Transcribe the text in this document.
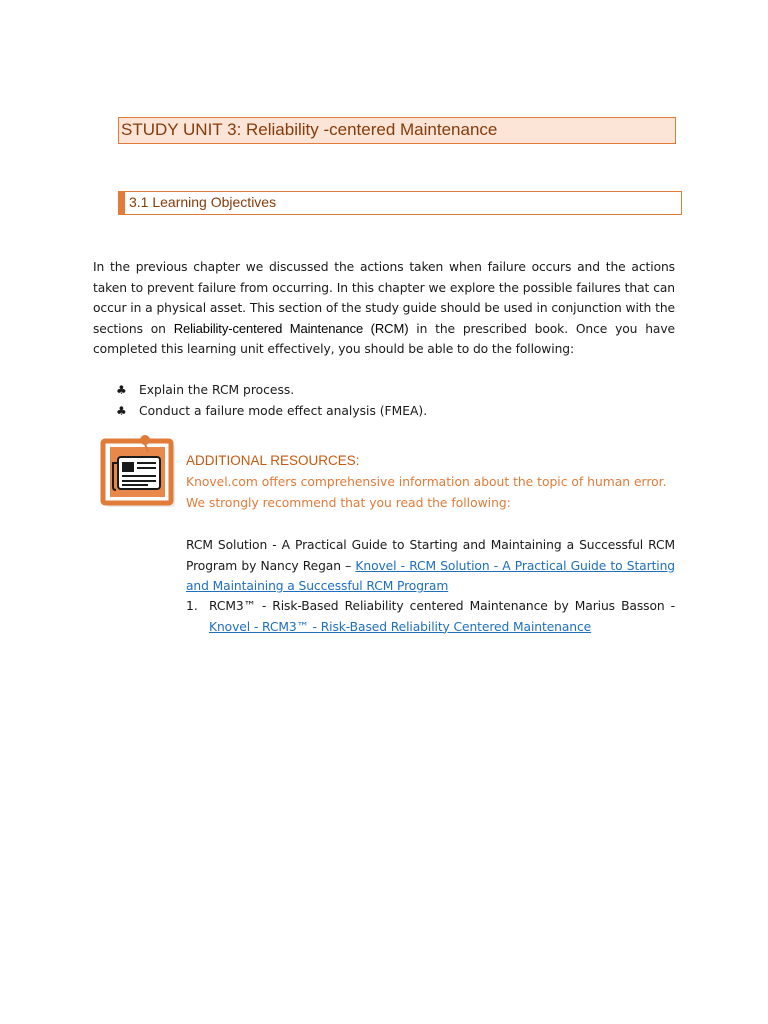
STUDY UNIT 3: Reliability -centered Maintenance
3.1 Learning Objectives

In the previous chapter we discussed the actions taken when failure occurs and the actions taken to prevent failure from occurring. In this chapter we explore the possible failures that can occur in a physical asset. This section of the study guide should be used in conjunction with the sections on Reliability-centered Maintenance (RCM) in the prescribed book. Once you have completed this learning unit effectively, you should be able to do the following:

♣ Explain the RCM process.
♣ Conduct a failure mode effect analysis (FMEA).
ADDITIONAL RESOURCES:

Knovel.com offers comprehensive information about the topic of human error. We strongly recommend that you read the following:

RCM Solution - A Practical Guide to Starting and Maintaining a Successful RCM Program by Nancy Regan – Knovel - RCM Solution - A Practical Guide to Starting and Maintaining a Successful RCM Program

1. RCM3™ - Risk-Based Reliability centered Maintenance by Marius Basson - Knovel - RCM3™ - Risk-Based Reliability Centered Maintenance
